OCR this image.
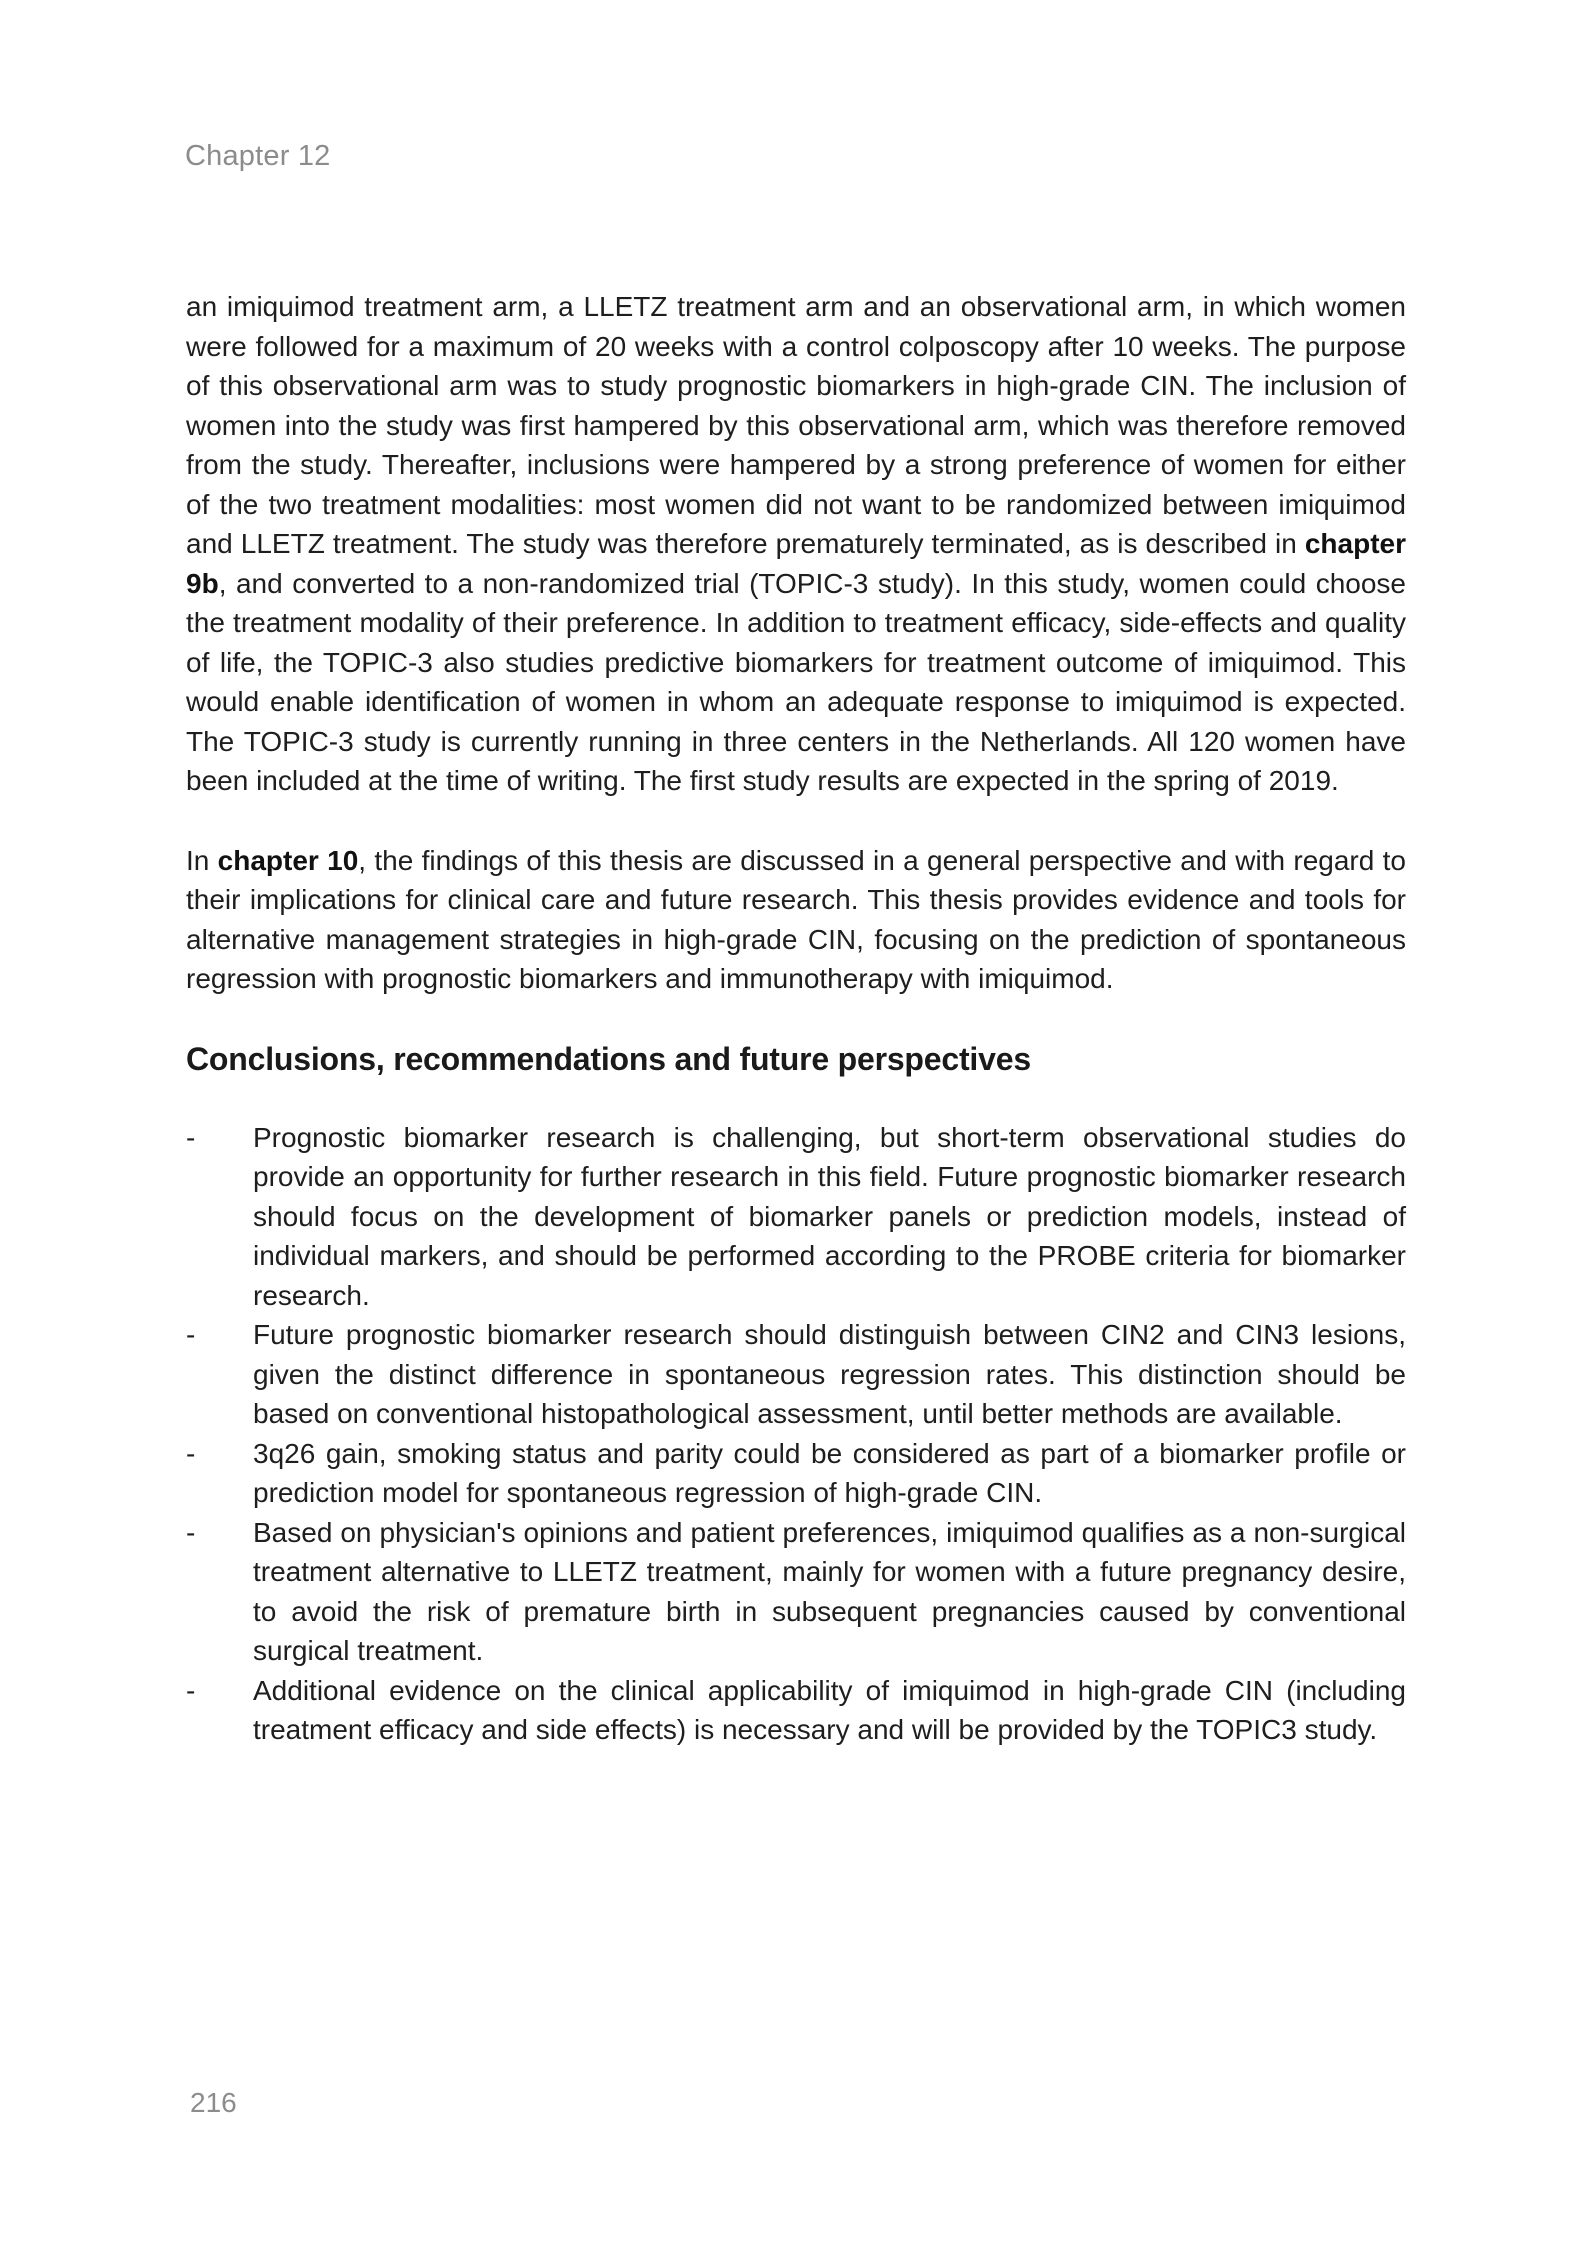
Chapter 12

an imiquimod treatment arm, a LLETZ treatment arm and an observational arm, in which women were followed for a maximum of 20 weeks with a control colposcopy after 10 weeks. The purpose of this observational arm was to study prognostic biomarkers in high-grade CIN. The inclusion of women into the study was first hampered by this observational arm, which was therefore removed from the study. Thereafter, inclusions were hampered by a strong preference of women for either of the two treatment modalities: most women did not want to be randomized between imiquimod and LLETZ treatment. The study was therefore prematurely terminated, as is described in chapter 9b, and converted to a non-randomized trial (TOPIC-3 study). In this study, women could choose the treatment modality of their preference. In addition to treatment efficacy, side-effects and quality of life, the TOPIC-3 also studies predictive biomarkers for treatment outcome of imiquimod. This would enable identification of women in whom an adequate response to imiquimod is expected. The TOPIC-3 study is currently running in three centers in the Netherlands. All 120 women have been included at the time of writing. The first study results are expected in the spring of 2019.

In chapter 10, the findings of this thesis are discussed in a general perspective and with regard to their implications for clinical care and future research. This thesis provides evidence and tools for alternative management strategies in high-grade CIN, focusing on the prediction of spontaneous regression with prognostic biomarkers and immunotherapy with imiquimod.

Conclusions, recommendations and future perspectives
- Prognostic biomarker research is challenging, but short-term observational studies do provide an opportunity for further research in this field. Future prognostic biomarker research should focus on the development of biomarker panels or prediction models, instead of individual markers, and should be performed according to the PROBE criteria for biomarker research.
- Future prognostic biomarker research should distinguish between CIN2 and CIN3 lesions, given the distinct difference in spontaneous regression rates. This distinction should be based on conventional histopathological assessment, until better methods are available.
- 3q26 gain, smoking status and parity could be considered as part of a biomarker profile or prediction model for spontaneous regression of high-grade CIN.
- Based on physician's opinions and patient preferences, imiquimod qualifies as a non-surgical treatment alternative to LLETZ treatment, mainly for women with a future pregnancy desire, to avoid the risk of premature birth in subsequent pregnancies caused by conventional surgical treatment.
- Additional evidence on the clinical applicability of imiquimod in high-grade CIN (including treatment efficacy and side effects) is necessary and will be provided by the TOPIC3 study.
216
